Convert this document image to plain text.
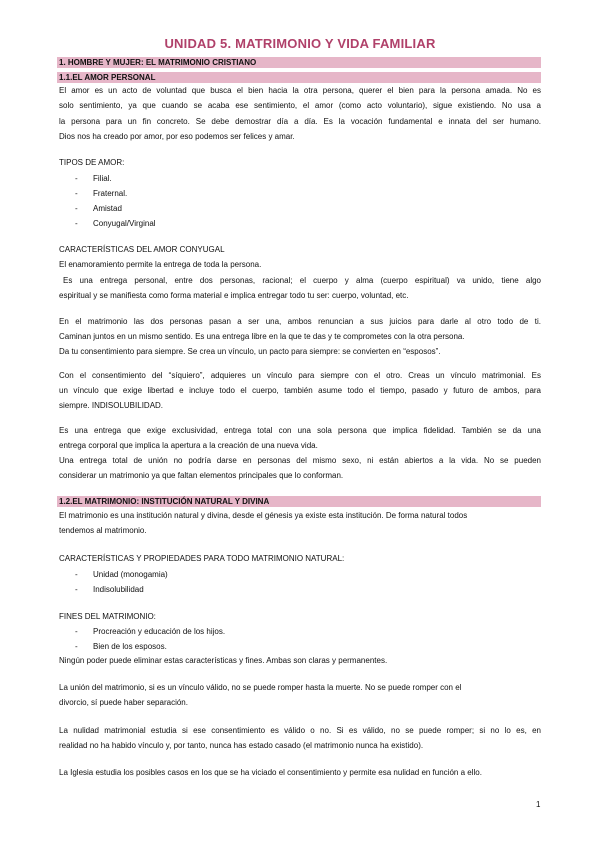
UNIDAD 5. MATRIMONIO Y VIDA FAMILIAR
1. HOMBRE Y MUJER: EL MATRIMONIO CRISTIANO
1.1.EL AMOR PERSONAL
El amor es un acto de voluntad que busca el bien hacia la otra persona, querer el bien para la persona amada. No es
solo sentimiento, ya que cuando se acaba ese sentimiento, el amor (como acto voluntario), sigue existiendo. No usa a
la persona para un fin concreto. Se debe demostrar día a día. Es la vocación fundamental e innata del ser humano.
Dios nos ha creado por amor, por eso podemos ser felices y amar.
TIPOS DE AMOR:
- Filial.
- Fraternal.
- Amistad
- Conyugal/Virginal
CARACTERÍSTICAS DEL AMOR CONYUGAL
El enamoramiento permite la entrega de toda la persona.
Es una entrega personal, entre dos personas, racional; el cuerpo y alma (cuerpo espiritual) va unido, tiene algo
espiritual y se manifiesta como forma material e implica entregar todo tu ser: cuerpo, voluntad, etc.
En el matrimonio las dos personas pasan a ser una, ambos renuncian a sus juicios para darle al otro todo de ti.
Caminan juntos en un mismo sentido. Es una entrega libre en la que te das y te comprometes con la otra persona.
Da tu consentimiento para siempre. Se crea un vínculo, un pacto para siempre: se convierten en “esposos”.
Con el consentimiento del “síquiero”, adquieres un vínculo para siempre con el otro. Creas un vínculo matrimonial. Es
un vínculo que exige libertad e incluye todo el cuerpo, también asume todo el tiempo, pasado y futuro de ambos, para
siempre. INDISOLUBILIDAD.
Es una entrega que exige exclusividad, entrega total con una sola persona que implica fidelidad. También se da una
entrega corporal que implica la apertura a la creación de una nueva vida.
Una entrega total de unión no podría darse en personas del mismo sexo, ni están abiertos a la vida. No se pueden
considerar un matrimonio ya que faltan elementos principales que lo conforman.
1.2.EL MATRIMONIO: INSTITUCIÓN NATURAL Y DIVINA
El matrimonio es una institución natural y divina, desde el génesis ya existe esta institución. De forma natural todos
tendemos al matrimonio.
CARACTERÍSTICAS Y PROPIEDADES PARA TODO MATRIMONIO NATURAL:
- Unidad (monogamia)
- Indisolubilidad
FINES DEL MATRIMONIO:
- Procreación y educación de los hijos.
- Bien de los esposos.
Ningún poder puede eliminar estas características y fines. Ambas son claras y permanentes.
La unión del matrimonio, si es un vínculo válido, no se puede romper hasta la muerte. No se puede romper con el
divorcio, sí puede haber separación.
La nulidad matrimonial estudia si ese consentimiento es válido o no. Si es válido, no se puede romper; si no lo es, en
realidad no ha habido vínculo y, por tanto, nunca has estado casado (el matrimonio nunca ha existido).
La Iglesia estudia los posibles casos en los que se ha viciado el consentimiento y permite esa nulidad en función a ello.
1
